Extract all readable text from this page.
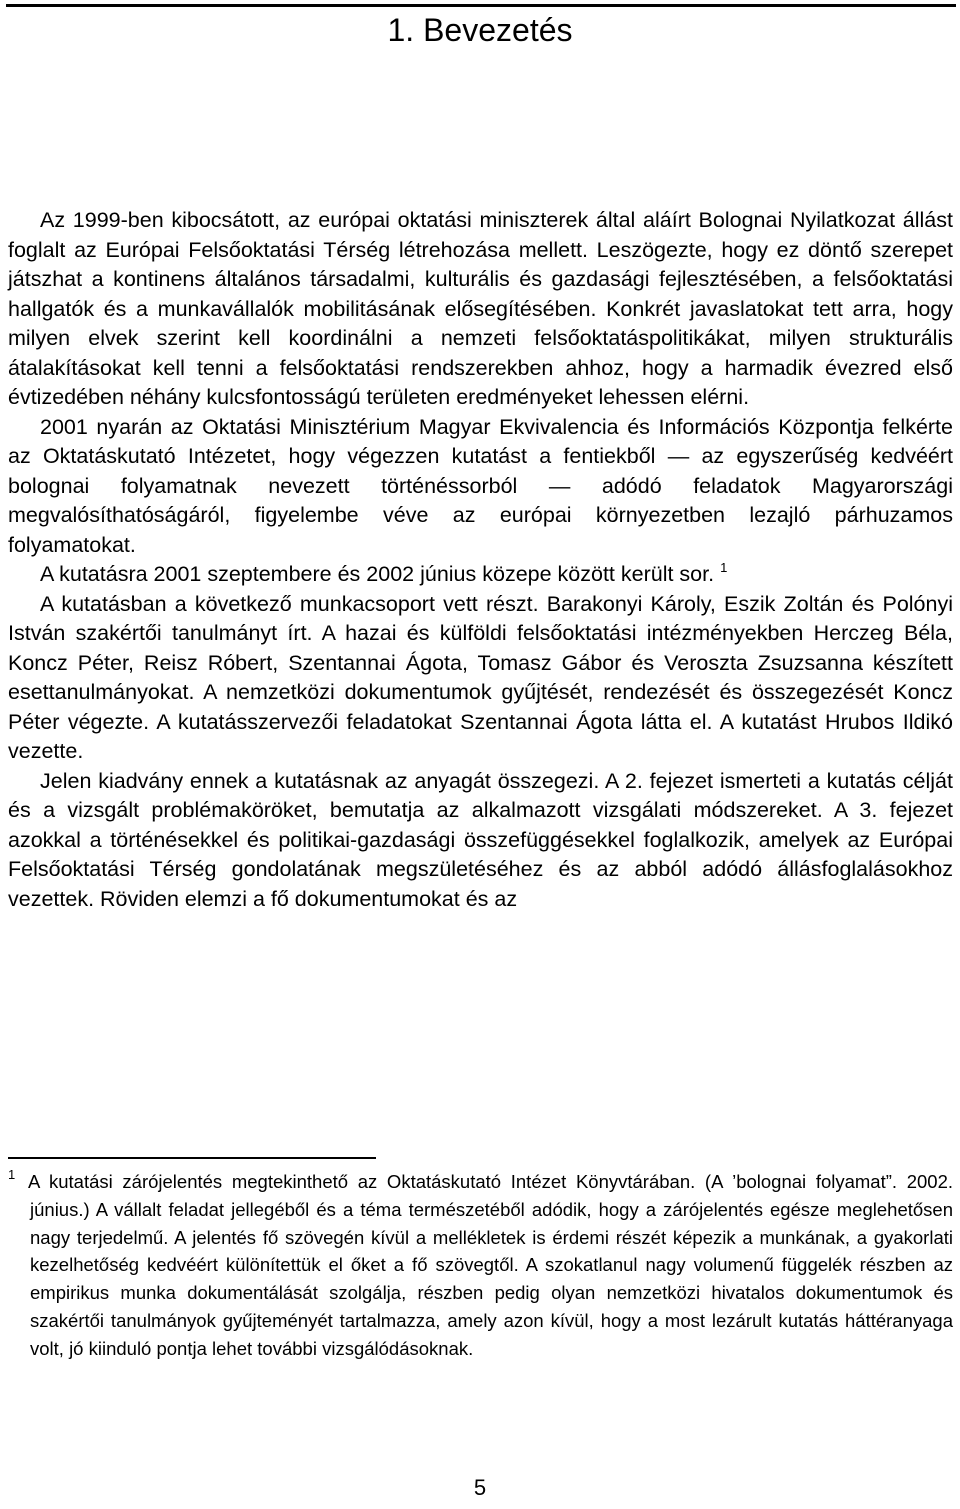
1. Bevezetés

Az 1999-ben kibocsátott, az európai oktatási miniszterek által aláírt Bolognai Nyilatkozat állást foglalt az Európai Felsőoktatási Térség létrehozása mellett. Leszögezte, hogy ez döntő szerepet játszhat a kontinens általános társadalmi, kulturális és gazdasági fejlesztésében, a felsőoktatási hallgatók és a munkavállalók mobilitásának elősegítésében. Konkrét javaslatokat tett arra, hogy milyen elvek szerint kell koordinálni a nemzeti felsőoktatáspolitikákat, milyen strukturális átalakításokat kell tenni a felsőoktatási rendszerekben ahhoz, hogy a harmadik évezred első évtizedében néhány kulcsfontosságú területen eredményeket lehessen elérni.

2001 nyarán az Oktatási Minisztérium Magyar Ekvivalencia és Információs Központja felkérte az Oktatáskutató Intézetet, hogy végezzen kutatást a fentiekből — az egyszerűség kedvéért bolognai folyamatnak nevezett történéssorból — adódó feladatok Magyarországi megvalósíthatóságáról, figyelembe véve az európai környezetben lezajló párhuzamos folyamatokat.

A kutatásra 2001 szeptembere és 2002 június közepe között került sor. $^1$

A kutatásban a következő munkacsoport vett részt. Barakonyi Károly, Eszik Zoltán és Polónyi István szakértői tanulmányt írt. A hazai és külföldi felsőoktatási intézményekben Herczeg Béla, Koncz Péter, Reisz Róbert, Szentannai Ágota, Tomasz Gábor és Veroszta Zsuzsanna készített esettanulmányokat. A nemzetközi dokumentumok gyűjtését, rendezését és összegezését Koncz Péter végezte. A kutatásszervezői feladatokat Szentannai Ágota látta el. A kutatást Hrubos Ildikó vezette.

Jelen kiadvány ennek a kutatásnak az anyagát összegezi. A 2. fejezet ismerteti a kutatás célját és a vizsgált problémaköröket, bemutatja az alkalmazott vizsgálati módszereket. A 3. fejezet azokkal a történésekkel és politikai-gazdasági összefüggésekkel foglalkozik, amelyek az Európai Felsőoktatási Térség gondolatának megszületéséhez és az abból adódó állásfoglalásokhoz vezettek. Röviden elemzi a fő dokumentumokat és az

1 A kutatási zárójelentés megtekinthető az Oktatáskutató Intézet Könyvtárában. (A ’bolognai folyamat”. 2002. június.) A vállalt feladat jellegéből és a téma természetéből adódik, hogy a zárójelentés egésze meglehetősen nagy terjedelmű. A jelentés fő szövegén kívül a mellékletek is érdemi részét képezik a munkának, a gyakorlati kezelhetőség kedvéért különítettük el őket a fő szövegtől. A szokatlanul nagy volumenű függelék részben az empirikus munka dokumentálását szolgálja, részben pedig olyan nemzetközi hivatalos dokumentumok és szakértői tanulmányok gyűjteményét tartalmazza, amely azon kívül, hogy a most lezárult kutatás háttéranyaga volt, jó kiinduló pontja lehet további vizsgálódásoknak.

5
